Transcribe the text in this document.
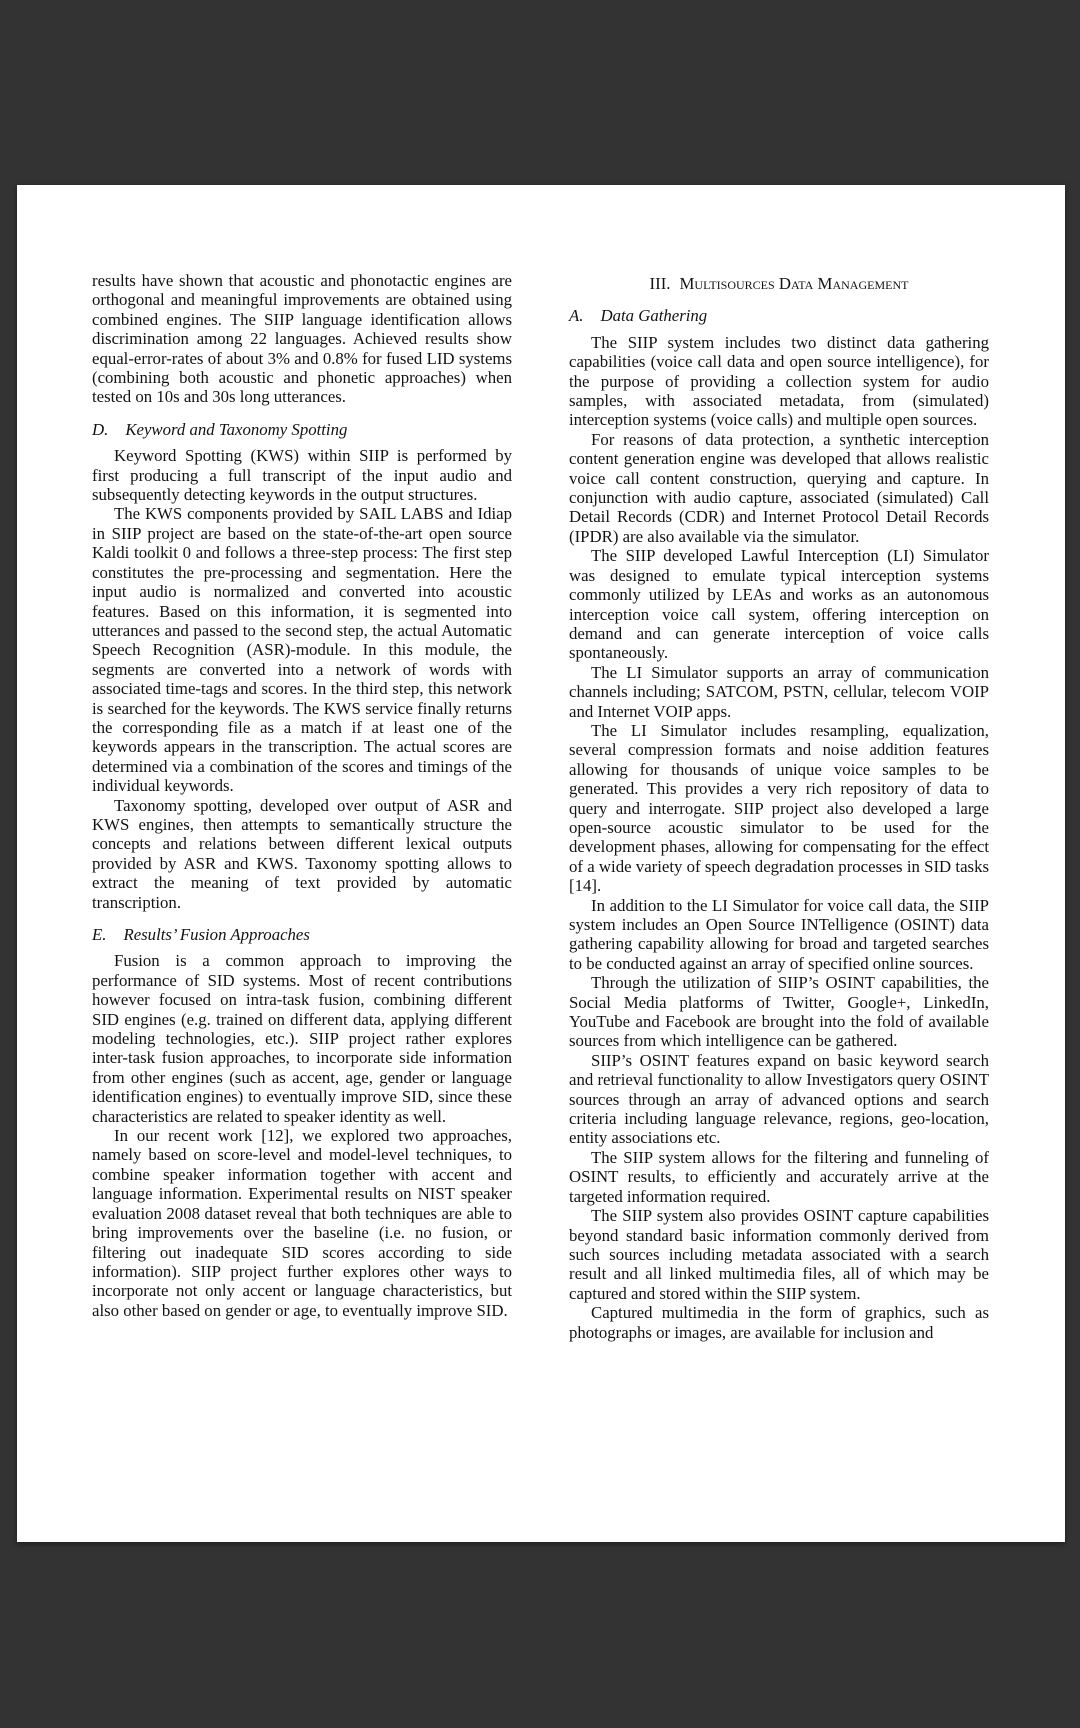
results have shown that acoustic and phonotactic engines are orthogonal and meaningful improvements are obtained using combined engines. The SIIP language identification allows discrimination among 22 languages. Achieved results show equal-error-rates of about 3% and 0.8% for fused LID systems (combining both acoustic and phonetic approaches) when tested on 10s and 30s long utterances.

D. Keyword and Taxonomy Spotting

Keyword Spotting (KWS) within SIIP is performed by first producing a full transcript of the input audio and subsequently detecting keywords in the output structures.

The KWS components provided by SAIL LABS and Idiap in SIIP project are based on the state-of-the-art open source Kaldi toolkit 0 and follows a three-step process: The first step constitutes the pre-processing and segmentation. Here the input audio is normalized and converted into acoustic features. Based on this information, it is segmented into utterances and passed to the second step, the actual Automatic Speech Recognition (ASR)-module. In this module, the segments are converted into a network of words with associated time-tags and scores. In the third step, this network is searched for the keywords. The KWS service finally returns the corresponding file as a match if at least one of the keywords appears in the transcription. The actual scores are determined via a combination of the scores and timings of the individual keywords.

Taxonomy spotting, developed over output of ASR and KWS engines, then attempts to semantically structure the concepts and relations between different lexical outputs provided by ASR and KWS. Taxonomy spotting allows to extract the meaning of text provided by automatic transcription.

E. Results’ Fusion Approaches

Fusion is a common approach to improving the performance of SID systems. Most of recent contributions however focused on intra-task fusion, combining different SID engines (e.g. trained on different data, applying different modeling technologies, etc.). SIIP project rather explores inter-task fusion approaches, to incorporate side information from other engines (such as accent, age, gender or language identification engines) to eventually improve SID, since these characteristics are related to speaker identity as well.

In our recent work [12], we explored two approaches, namely based on score-level and model-level techniques, to combine speaker information together with accent and language information. Experimental results on NIST speaker evaluation 2008 dataset reveal that both techniques are able to bring improvements over the baseline (i.e. no fusion, or filtering out inadequate SID scores according to side information). SIIP project further explores other ways to incorporate not only accent or language characteristics, but also other based on gender or age, to eventually improve SID.

III. Multisources Data Management
A. Data Gathering

The SIIP system includes two distinct data gathering capabilities (voice call data and open source intelligence), for the purpose of providing a collection system for audio samples, with associated metadata, from (simulated) interception systems (voice calls) and multiple open sources.

For reasons of data protection, a synthetic interception content generation engine was developed that allows realistic voice call content construction, querying and capture. In conjunction with audio capture, associated (simulated) Call Detail Records (CDR) and Internet Protocol Detail Records (IPDR) are also available via the simulator.

The SIIP developed Lawful Interception (LI) Simulator was designed to emulate typical interception systems commonly utilized by LEAs and works as an autonomous interception voice call system, offering interception on demand and can generate interception of voice calls spontaneously.

The LI Simulator supports an array of communication channels including; SATCOM, PSTN, cellular, telecom VOIP and Internet VOIP apps.

The LI Simulator includes resampling, equalization, several compression formats and noise addition features allowing for thousands of unique voice samples to be generated. This provides a very rich repository of data to query and interrogate. SIIP project also developed a large open-source acoustic simulator to be used for the development phases, allowing for compensating for the effect of a wide variety of speech degradation processes in SID tasks [14].

In addition to the LI Simulator for voice call data, the SIIP system includes an Open Source INTelligence (OSINT) data gathering capability allowing for broad and targeted searches to be conducted against an array of specified online sources.

Through the utilization of SIIP’s OSINT capabilities, the Social Media platforms of Twitter, Google+, LinkedIn, YouTube and Facebook are brought into the fold of available sources from which intelligence can be gathered.

SIIP’s OSINT features expand on basic keyword search and retrieval functionality to allow Investigators query OSINT sources through an array of advanced options and search criteria including language relevance, regions, geo-location, entity associations etc.

The SIIP system allows for the filtering and funneling of OSINT results, to efficiently and accurately arrive at the targeted information required.

The SIIP system also provides OSINT capture capabilities beyond standard basic information commonly derived from such sources including metadata associated with a search result and all linked multimedia files, all of which may be captured and stored within the SIIP system.

Captured multimedia in the form of graphics, such as photographs or images, are available for inclusion and
